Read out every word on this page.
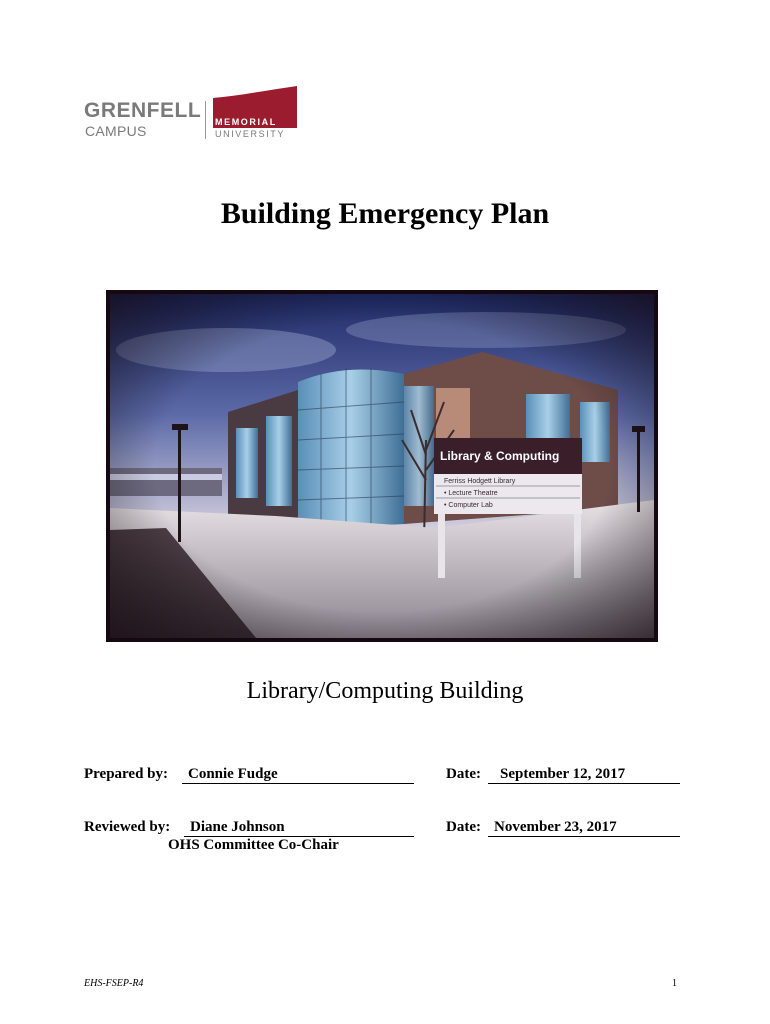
GRENFELL
CAMPUS
MEMORIAL
UNIVERSITY
Building Emergency Plan
Library/Computing Building
Prepared by:	Connie Fudge	Date:	September 12, 2017
Reviewed by:	Diane Johnson	Date: November 23, 2017
OHS Committee Co-Chair
EHS-FSEP-R4	1
